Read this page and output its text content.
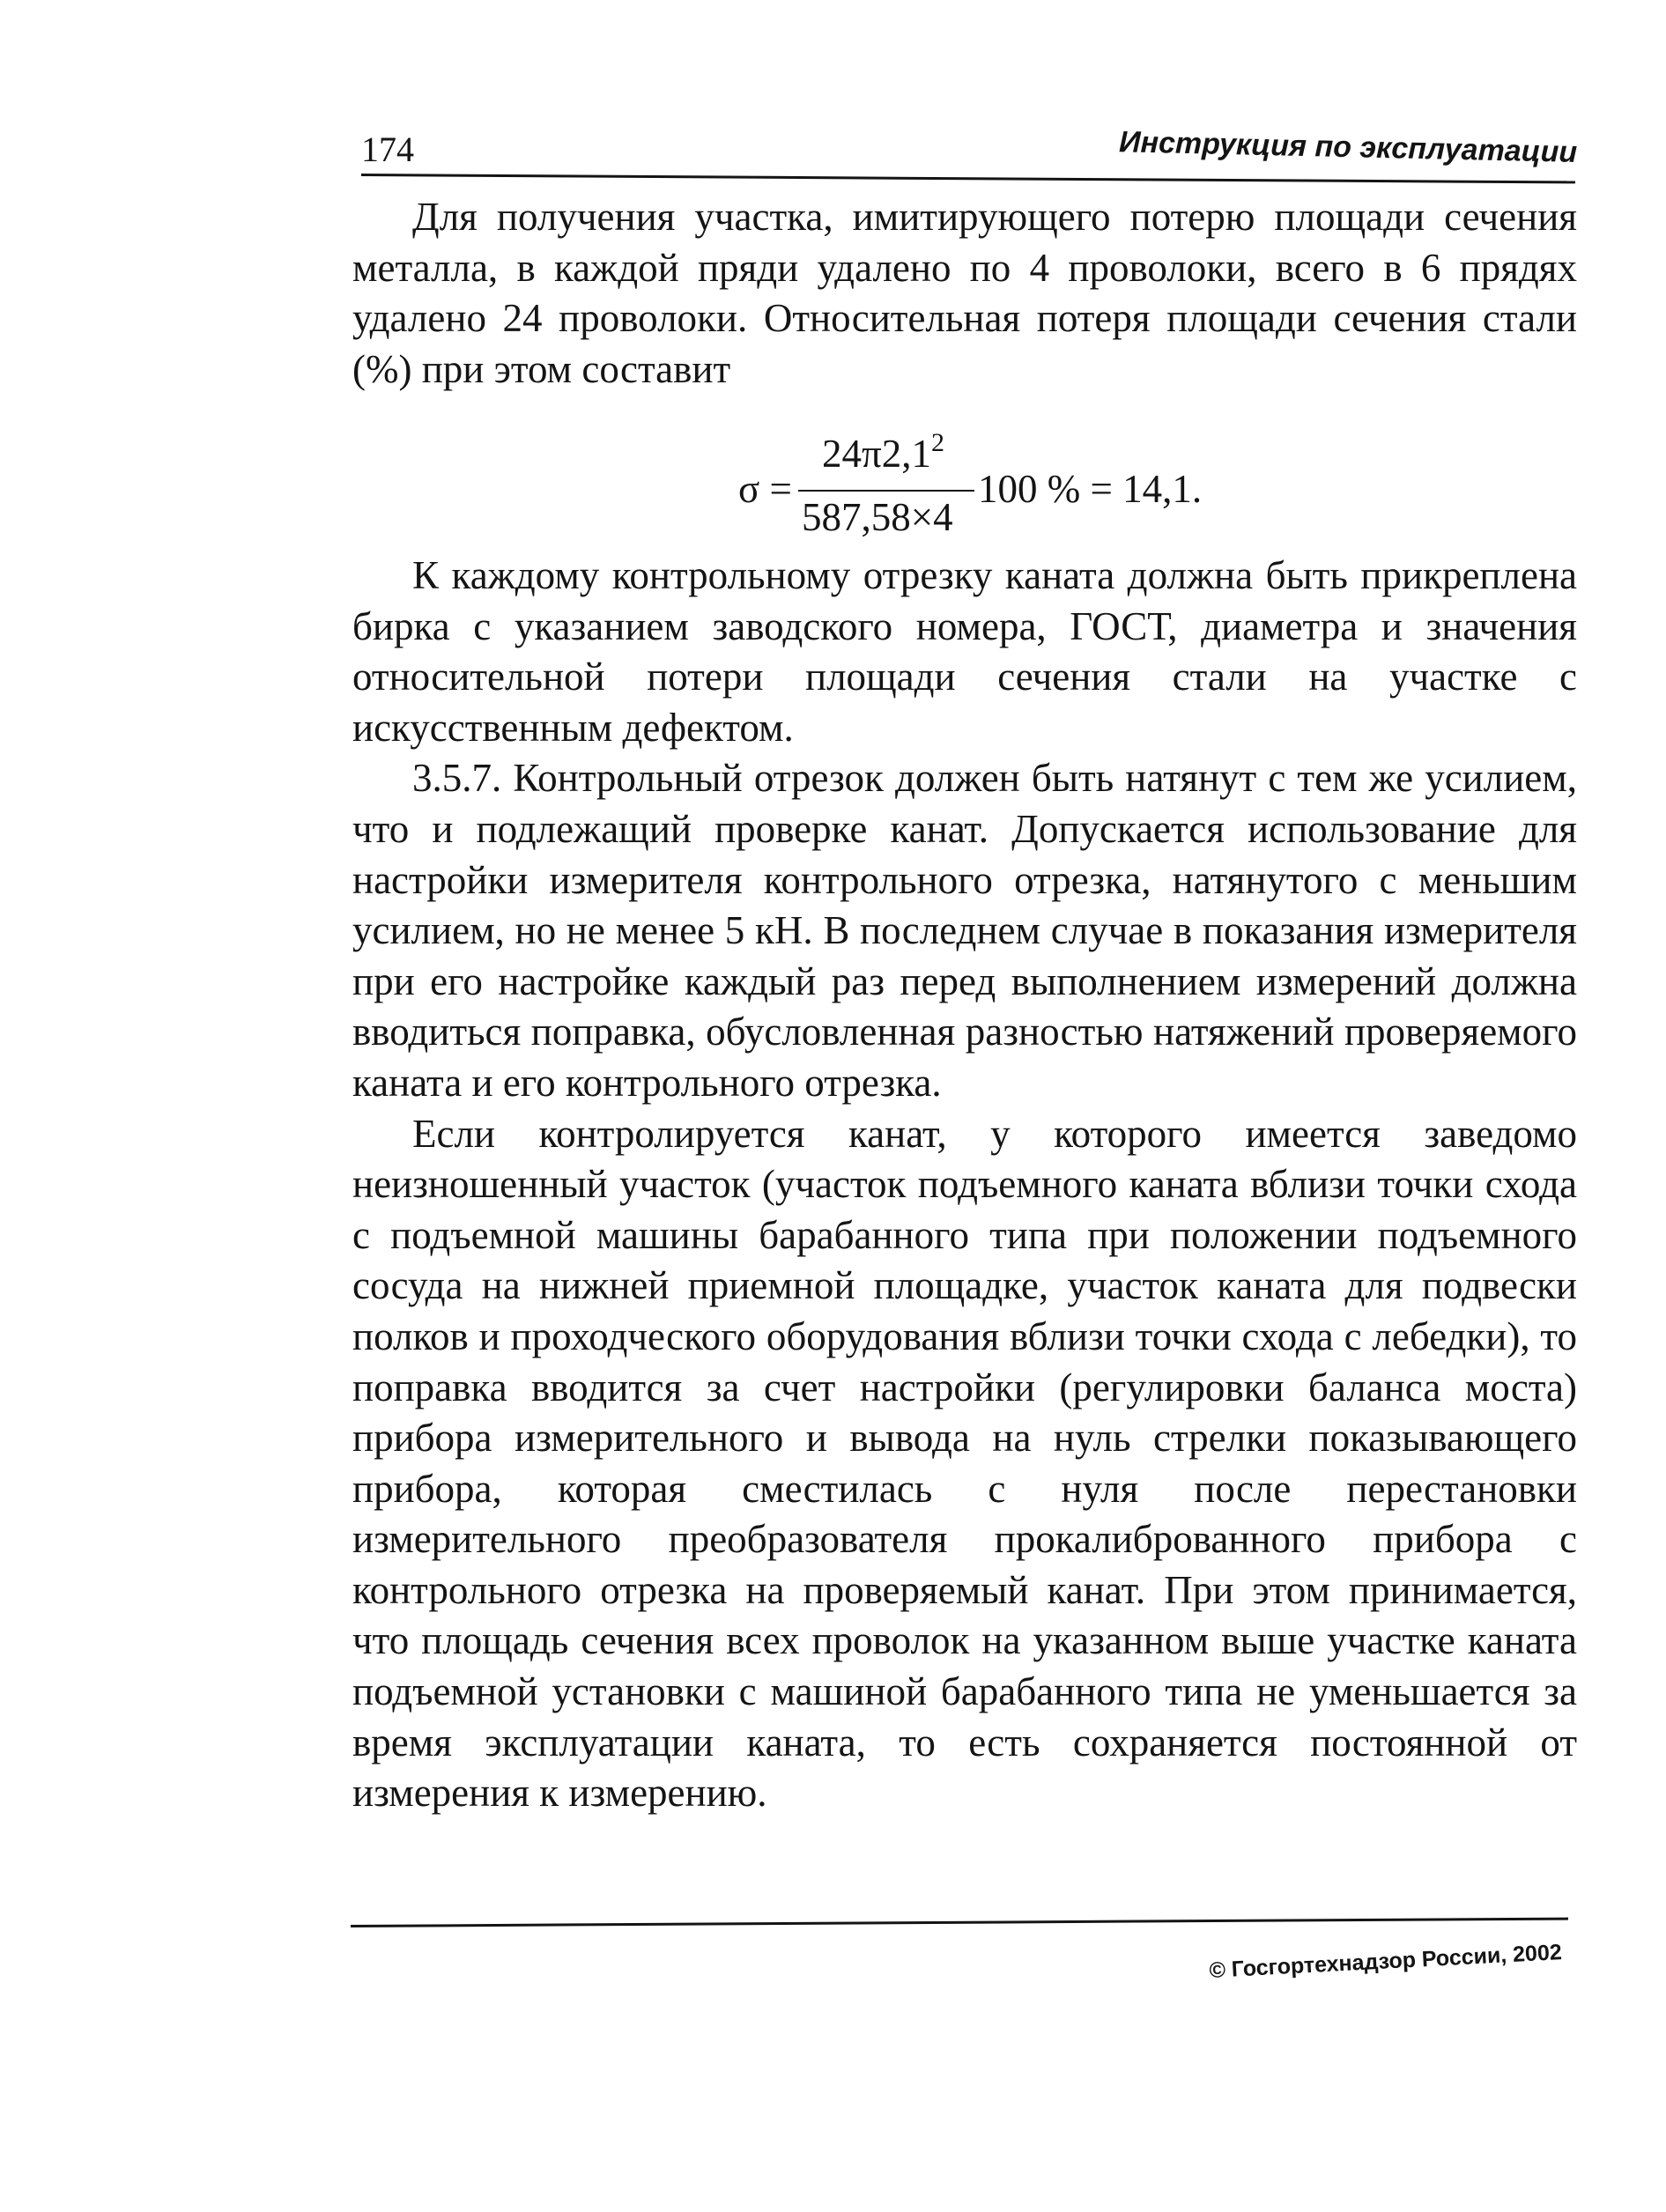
174	Инструкция по эксплуатации

Для получения участка, имитирующего потерю площади сечения металла, в каждой пряди удалено по 4 проволоки, всего в 6 прядях удалено 24 проволоки. Относительная потеря площади сечения стали (%) при этом составит

σ =
$24\pi 2,1^2$
587,58×4
100 % = 14,1.

К каждому контрольному отрезку каната должна быть прикреплена бирка с указанием заводского номера, ГОСТ, диаметра и значения относительной потери площади сечения стали на участке с искусственным дефектом.

3.5.7. Контрольный отрезок должен быть натянут с тем же усилием, что и подлежащий проверке канат. Допускается использование для настройки измерителя контрольного отрезка, натянутого с меньшим усилием, но не менее 5 кН. В последнем случае в показания измерителя при его настройке каждый раз перед выполнением измерений должна вводиться поправка, обусловленная разностью натяжений проверяемого каната и его контрольного отрезка.

Если контролируется канат, у которого имеется заведомо неизношенный участок (участок подъемного каната вблизи точки схода с подъемной машины барабанного типа при положении подъемного сосуда на нижней приемной площадке, участок каната для подвески полков и проходческого оборудования вблизи точки схода с лебедки), то поправка вводится за счет настройки (регулировки баланса моста) прибора измерительного и вывода на нуль стрелки показывающего прибора, которая сместилась с нуля после перестановки измерительного преобразователя прокалиброванного прибора с контрольного отрезка на проверяемый канат. При этом принимается, что площадь сечения всех проволок на указанном выше участке каната подъемной установки с машиной барабанного типа не уменьшается за время эксплуатации каната, то есть сохраняется постоянной от измерения к измерению.

© Госгортехнадзор России, 2002
